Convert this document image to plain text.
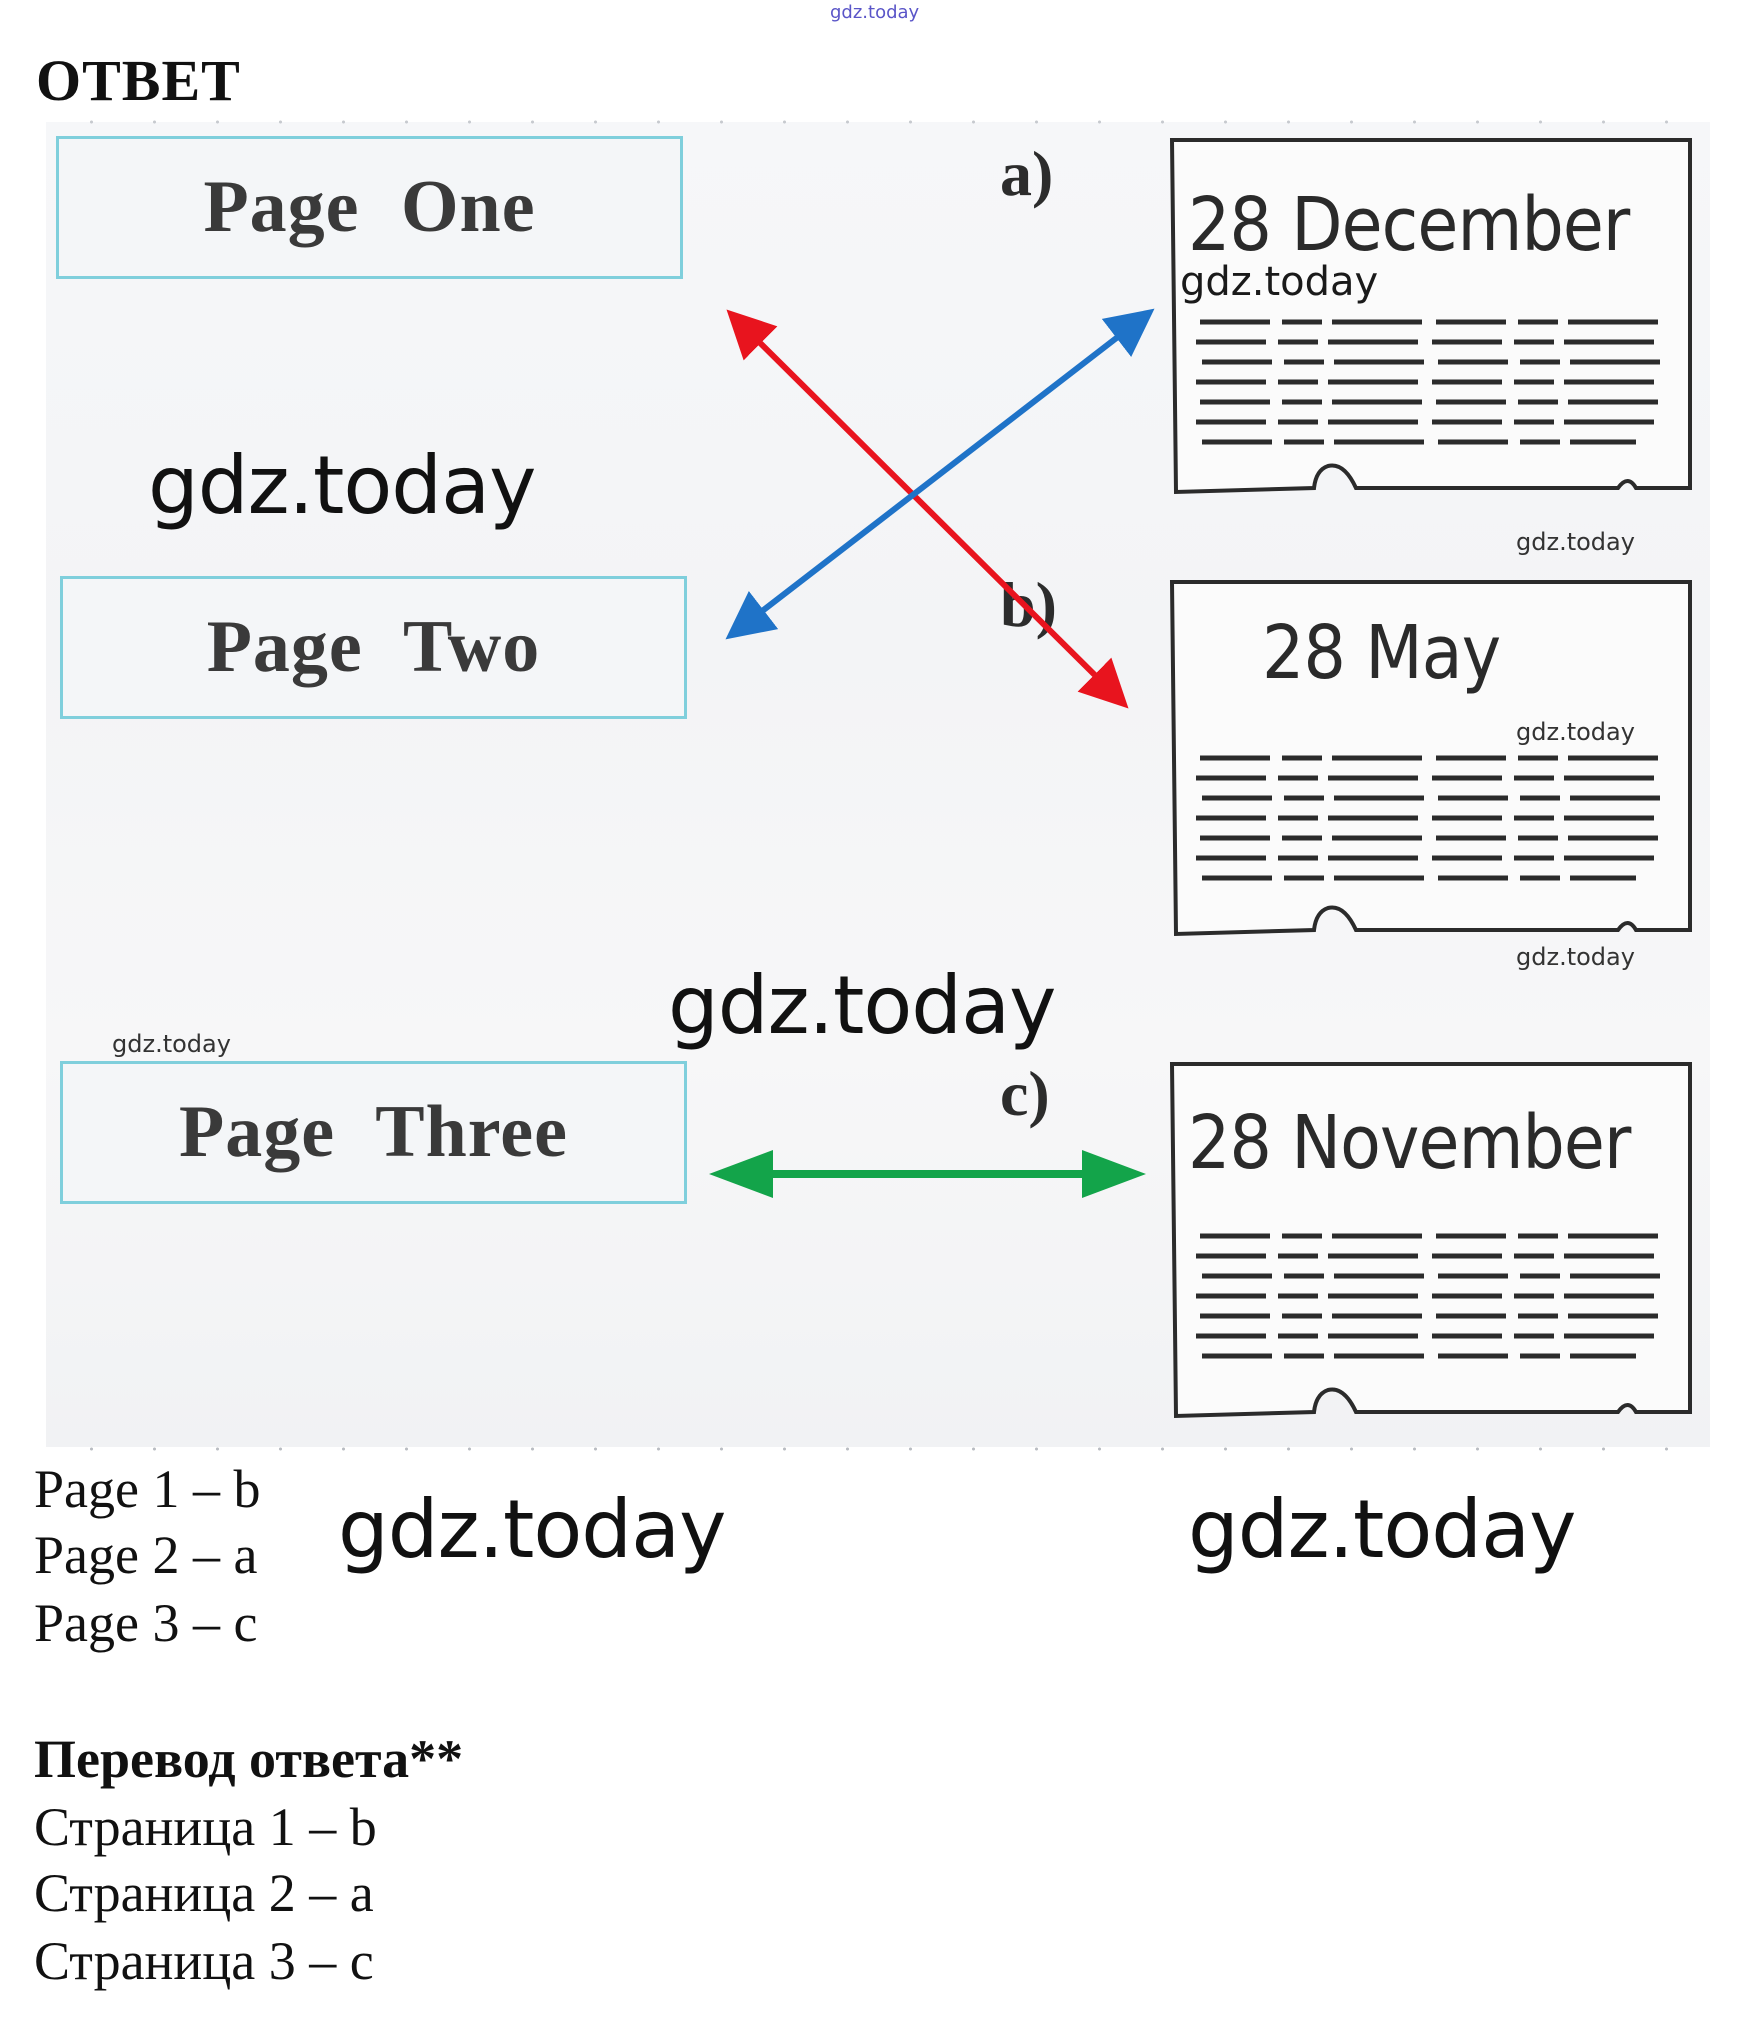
gdz.today
ОТВЕТ
Page One
Page Two
Page Three
a)
b)
c)
28 December
28 May
28 November
gdz.today
gdz.today
gdz.today
gdz.today
gdz.today
gdz.today
gdz.today
gdz.today	gdz.today
Page 1 – b
Page 2 – a
Page 3 – c
Перевод ответа**
Страница 1 – b
Страница 2 – a
Страница 3 – c
